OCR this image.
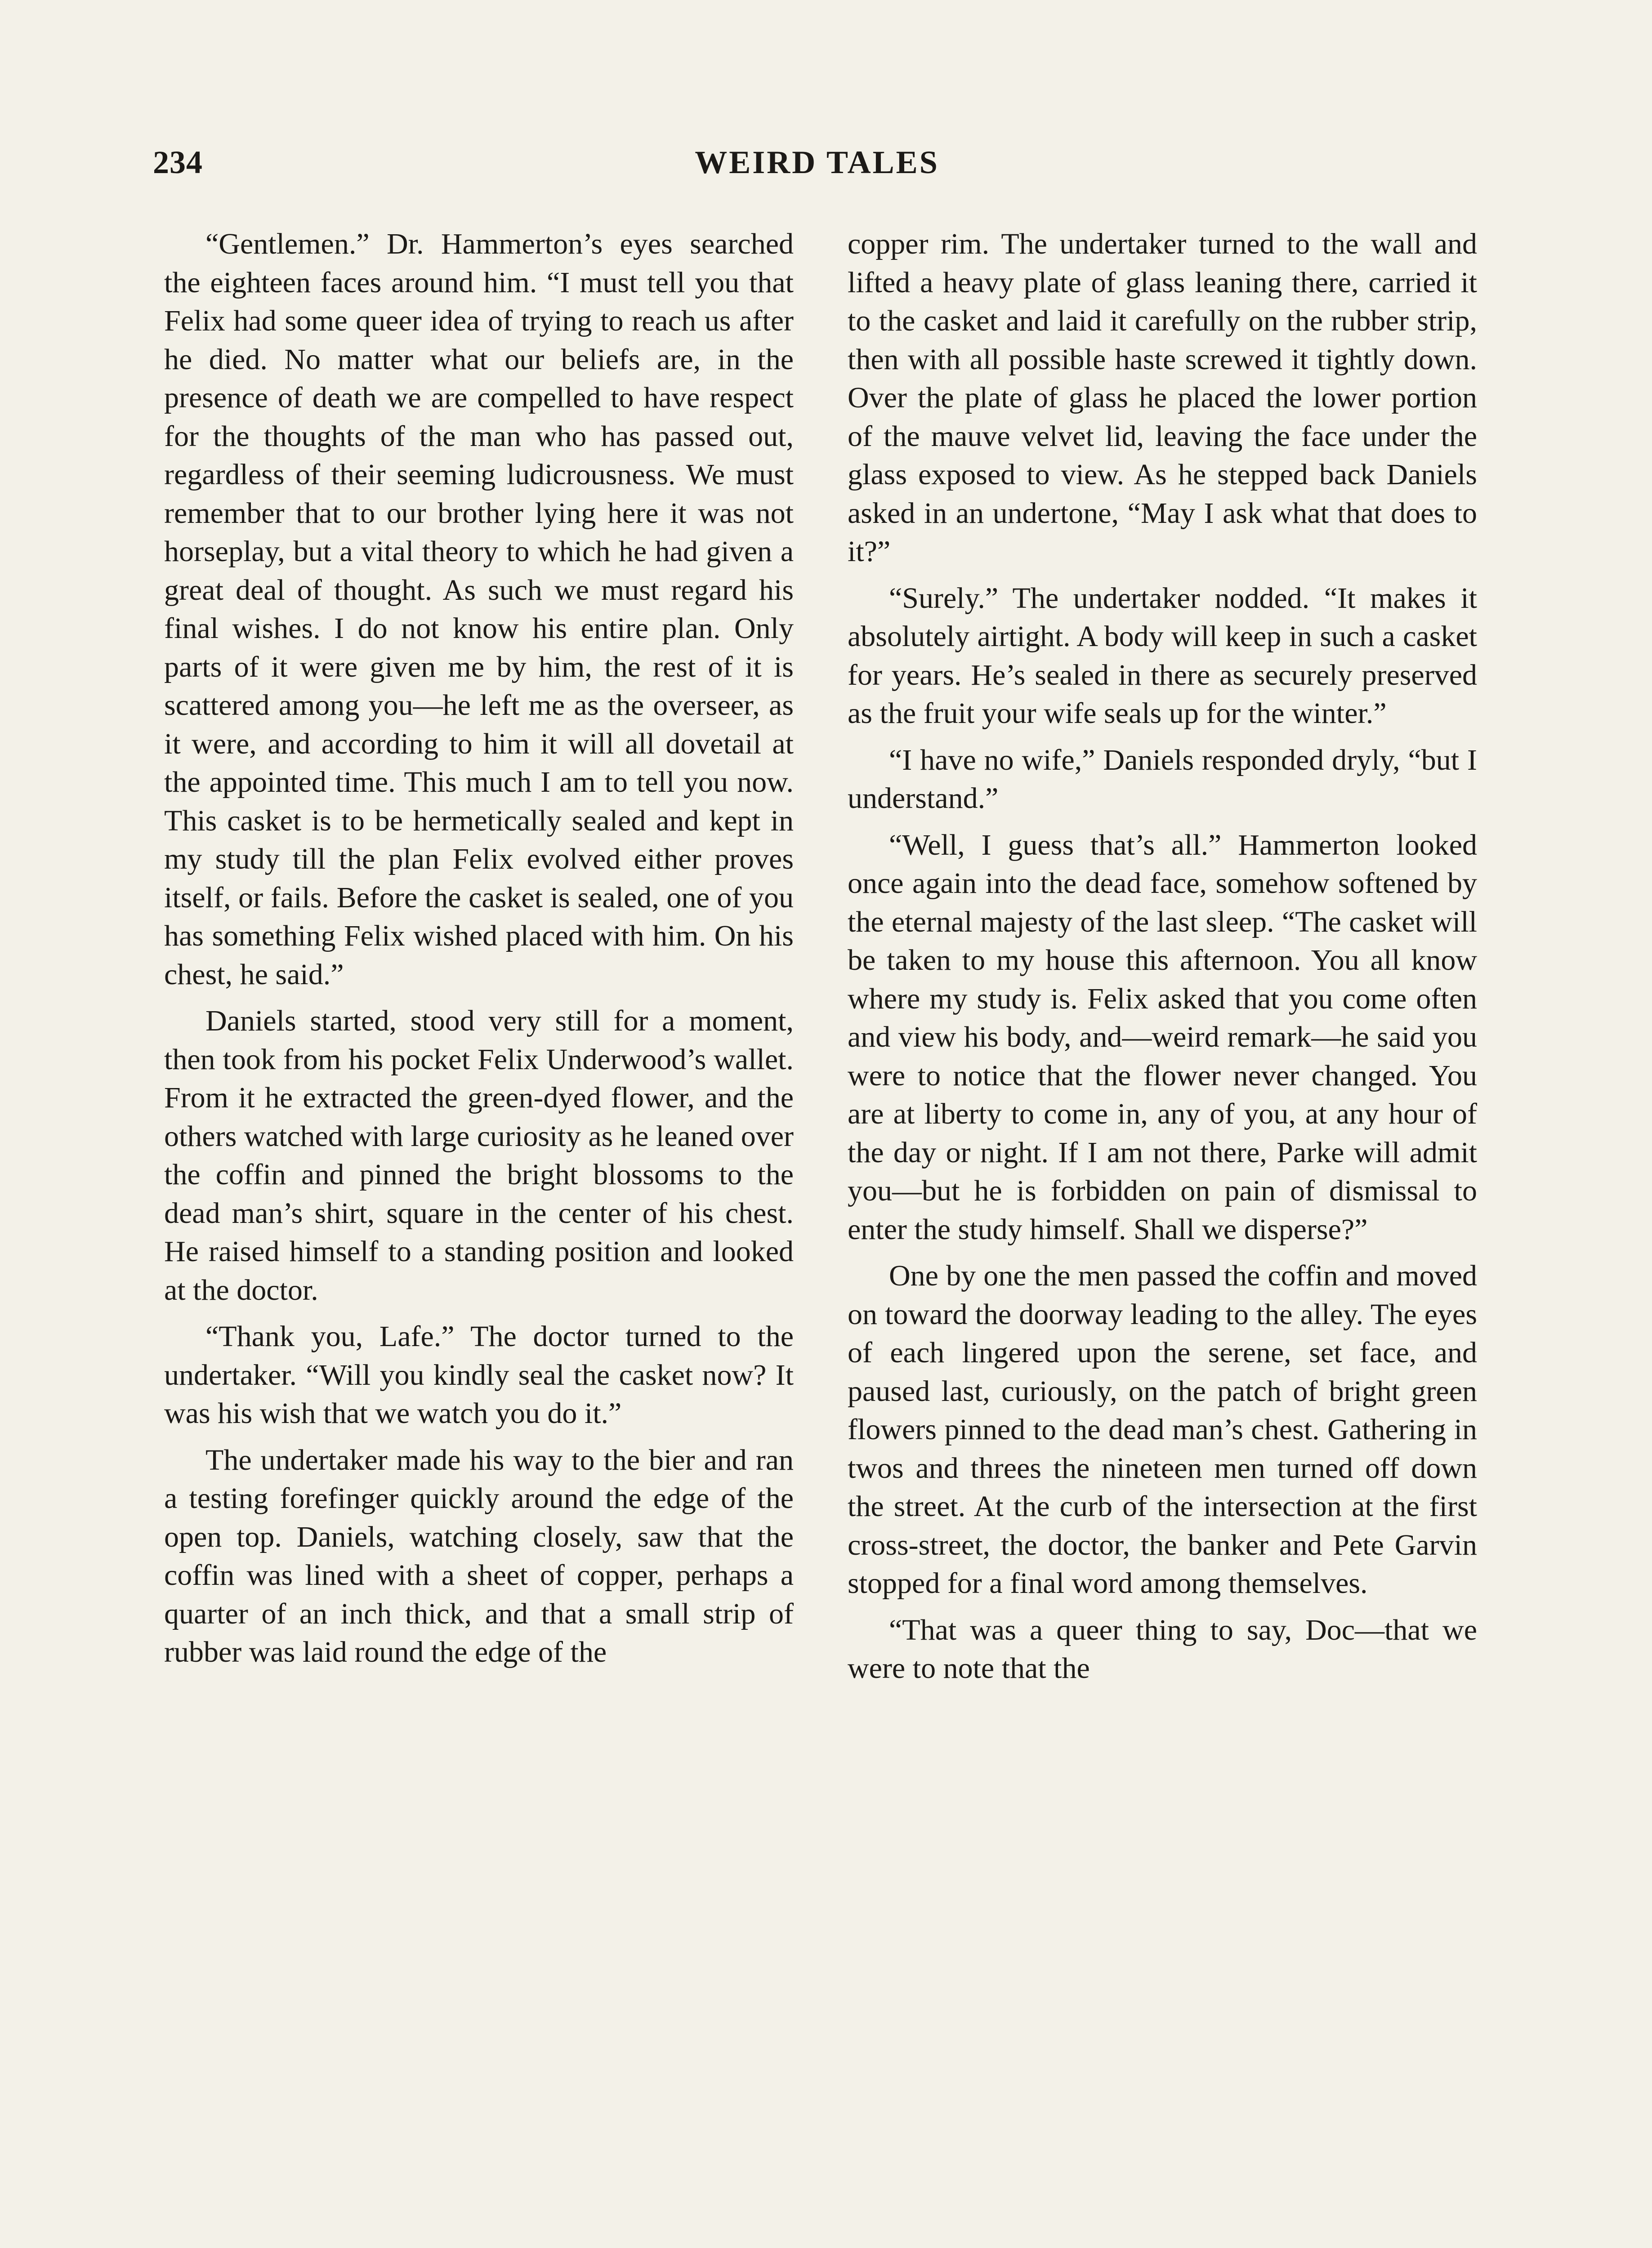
234	WEIRD TALES

“Gentlemen.” Dr. Hammerton’s eyes searched the eighteen faces around him. “I must tell you that Felix had some queer idea of trying to reach us after he died. No matter what our beliefs are, in the presence of death we are compelled to have respect for the thoughts of the man who has passed out, regardless of their seeming ludicrousness. We must remember that to our brother lying here it was not horseplay, but a vital theory to which he had given a great deal of thought. As such we must regard his final wishes. I do not know his entire plan. Only parts of it were given me by him, the rest of it is scattered among you—he left me as the overseer, as it were, and according to him it will all dovetail at the appointed time. This much I am to tell you now. This casket is to be hermetically sealed and kept in my study till the plan Felix evolved either proves itself, or fails. Before the casket is sealed, one of you has something Felix wished placed with him. On his chest, he said.”

Daniels started, stood very still for a moment, then took from his pocket Felix Underwood’s wallet. From it he extracted the green-dyed flower, and the others watched with large curiosity as he leaned over the coffin and pinned the bright blossoms to the dead man’s shirt, square in the center of his chest. He raised himself to a standing position and looked at the doctor.

“Thank you, Lafe.” The doctor turned to the undertaker. “Will you kindly seal the casket now? It was his wish that we watch you do it.”

The undertaker made his way to the bier and ran a testing forefinger quickly around the edge of the open top. Daniels, watching closely, saw that the coffin was lined with a sheet of copper, perhaps a quarter of an inch thick, and that a small strip of rubber was laid round the edge of the

copper rim. The undertaker turned to the wall and lifted a heavy plate of glass leaning there, carried it to the casket and laid it carefully on the rubber strip, then with all possible haste screwed it tightly down. Over the plate of glass he placed the lower portion of the mauve velvet lid, leaving the face under the glass exposed to view. As he stepped back Daniels asked in an undertone, “May I ask what that does to it?”

“Surely.” The undertaker nodded. “It makes it absolutely airtight. A body will keep in such a casket for years. He’s sealed in there as securely preserved as the fruit your wife seals up for the winter.”

“I have no wife,” Daniels responded dryly, “but I understand.”

“Well, I guess that’s all.” Hammerton looked once again into the dead face, somehow softened by the eternal majesty of the last sleep. “The casket will be taken to my house this afternoon. You all know where my study is. Felix asked that you come often and view his body, and—weird remark—he said you were to notice that the flower never changed. You are at liberty to come in, any of you, at any hour of the day or night. If I am not there, Parke will admit you—but he is forbidden on pain of dismissal to enter the study himself. Shall we disperse?”

One by one the men passed the coffin and moved on toward the doorway leading to the alley. The eyes of each lingered upon the serene, set face, and paused last, curiously, on the patch of bright green flowers pinned to the dead man’s chest. Gathering in twos and threes the nineteen men turned off down the street. At the curb of the intersection at the first cross-street, the doctor, the banker and Pete Garvin stopped for a final word among themselves.

“That was a queer thing to say, Doc—that we were to note that the
